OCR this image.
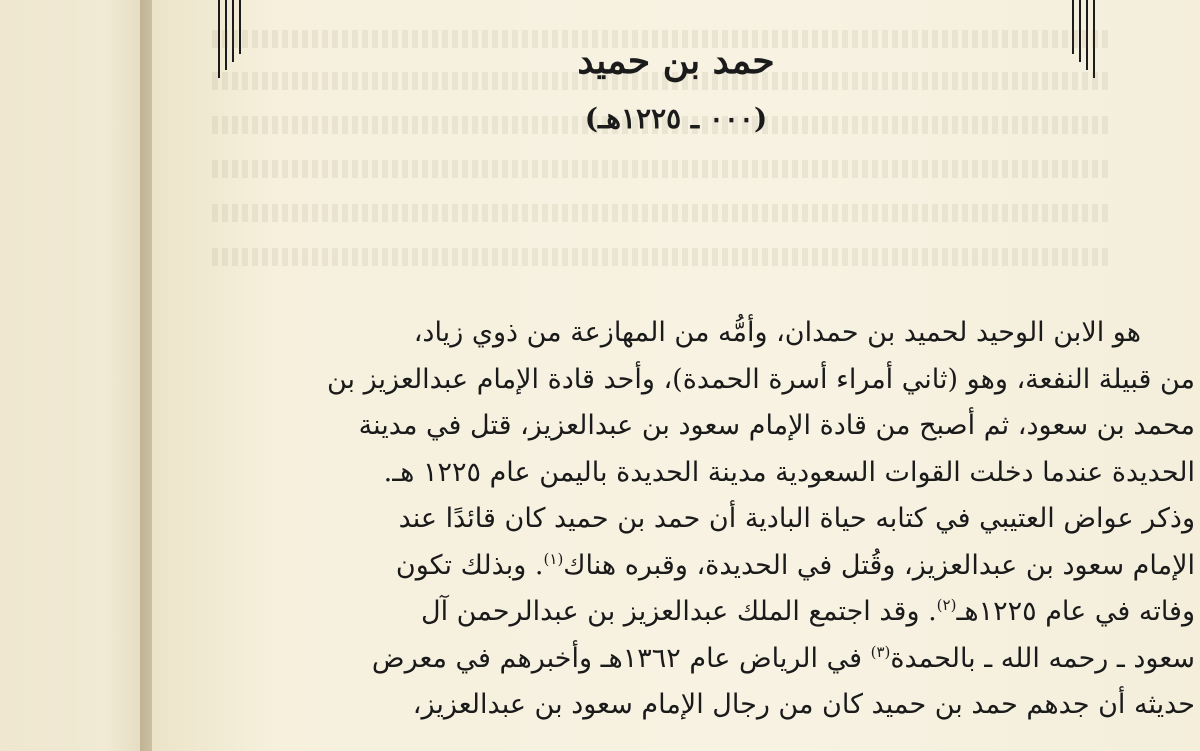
حمد بن حميد
(٠٠٠ ـ ١٢٢٥هـ)

هو الابن الوحيد لحميد بن حمدان، وأمُّه من المهازعة من ذوي زياد،

من قبيلة النفعة، وهو (ثاني أمراء أسرة الحمدة)، وأحد قادة الإمام عبدالعزيز بن

محمد بن سعود، ثم أصبح من قادة الإمام سعود بن عبدالعزيز، قتل في مدينة

الحديدة عندما دخلت القوات السعودية مدينة الحديدة باليمن عام ١٢٢٥ هـ.

وذكر عواض العتيبي في كتابه حياة البادية أن حمد بن حميد كان قائدًا عند

الإمام سعود بن عبدالعزيز، وقُتل في الحديدة، وقبره هناك$^{(١)}$. وبذلك تكون

وفاته في عام ١٢٢٥هـ$^{(٢)}$. وقد اجتمع الملك عبدالعزيز بن عبدالرحمن آل

سعود ـ رحمه الله ـ بالحمدة$^{(٣)}$ في الرياض عام ١٣٦٢هـ وأخبرهم في معرض

حديثه أن جدهم حمد بن حميد كان من رجال الإمام سعود بن عبدالعزيز،
